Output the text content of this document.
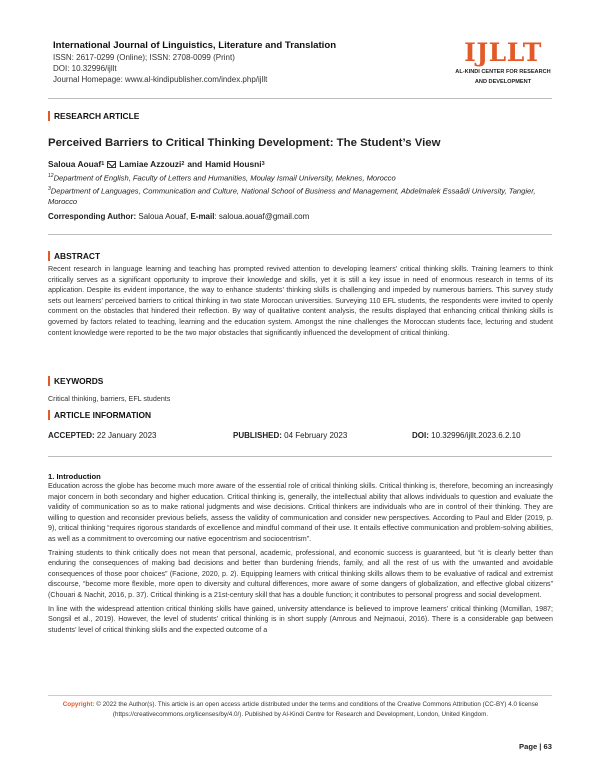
International Journal of Linguistics, Literature and Translation
ISSN: 2617-0299 (Online); ISSN: 2708-0099 (Print)
DOI: 10.32996/ijllt
Journal Homepage: www.al-kindipublisher.com/index.php/ijllt
IJLLT
AL-KINDI CENTER FOR RESEARCH
AND DEVELOPMENT
RESEARCH ARTICLE
Perceived Barriers to Critical Thinking Development: The Student’s View
Saloua Aouaf 1 Lamiae Azzouzi 2 and Hamid Housni 3
$^{12}$Department of English, Faculty of Letters and Humanities, Moulay Ismail University, Meknes, Morocco
$^3$Department of Languages, Communication and Culture, National School of Business and Management, Abdelmalek Essaâdi University, Tangier, Morocco
Corresponding Author: Saloua Aouaf, E-mail: saloua.aouaf@gmail.com
ABSTRACT

Recent research in language learning and teaching has prompted revived attention to developing learners’ critical thinking skills. Training learners to think critically serves as a significant opportunity to improve their knowledge and skills, yet it is still a key issue in need of enormous research in terms of its application. Despite its evident importance, the way to enhance students’ thinking skills is challenging and impeded by numerous barriers. This survey study sets out learners’ perceived barriers to critical thinking in two state Moroccan universities. Surveying 110 EFL students, the respondents were invited to openly comment on the obstacles that hindered their reflection. By way of qualitative content analysis, the results displayed that enhancing critical thinking skills is governed by factors related to teaching, learning and the education system. Amongst the nine challenges the Moroccan students face, lecturing and student content knowledge were reported to be the two major obstacles that significantly influenced the development of critical thinking.

KEYWORDS

Critical thinking, barriers, EFL students

ARTICLE INFORMATION
ACCEPTED: 22 January 2023	PUBLISHED: 04 February 2023	DOI: 10.32996/ijllt.2023.6.2.10
1. Introduction

Education across the globe has become much more aware of the essential role of critical thinking skills. Critical thinking is, therefore, becoming an increasingly major concern in both secondary and higher education. Critical thinking is, generally, the intellectual ability that allows individuals to question and evaluate the validity of communication so as to make rational judgments and wise decisions. Critical thinkers are individuals who are in control of their thinking. They are willing to question and reconsider previous beliefs, assess the validity of communication and consider new perspectives. According to Paul and Elder (2019, p. 9), critical thinking “requires rigorous standards of excellence and mindful command of their use. It entails effective communication and problem-solving abilities, as well as a commitment to overcoming our native egocentrism and sociocentrism”.

Training students to think critically does not mean that personal, academic, professional, and economic success is guaranteed, but “it is clearly better than enduring the consequences of making bad decisions and better than burdening friends, family, and all the rest of us with the unwanted and avoidable consequences of those poor choices” (Facione, 2020, p. 2). Equipping learners with critical thinking skills allows them to be evaluative of radical and extremist discourse, “become more flexible, more open to diversity and cultural differences, more aware of some dangers of globalization, and effective global citizens” (Chouari & Nachit, 2016, p. 37). Critical thinking is a 21st-century skill that has a double function; it contributes to personal progress and social development.

In line with the widespread attention critical thinking skills have gained, university attendance is believed to improve learners’ critical thinking (Mcmillan, 1987; Songsil et al., 2019). However, the level of students’ critical thinking is in short supply (Amrous and Nejmaoui, 2016). There is a considerable gap between students’ level of critical thinking skills and the expected outcome of a

Copyright: © 2022 the Author(s). This article is an open access article distributed under the terms and conditions of the Creative Commons Attribution (CC-BY) 4.0 license (https://creativecommons.org/licenses/by/4.0/). Published by Al-Kindi Centre for Research and Development, London, United Kingdom.
Page | 63
